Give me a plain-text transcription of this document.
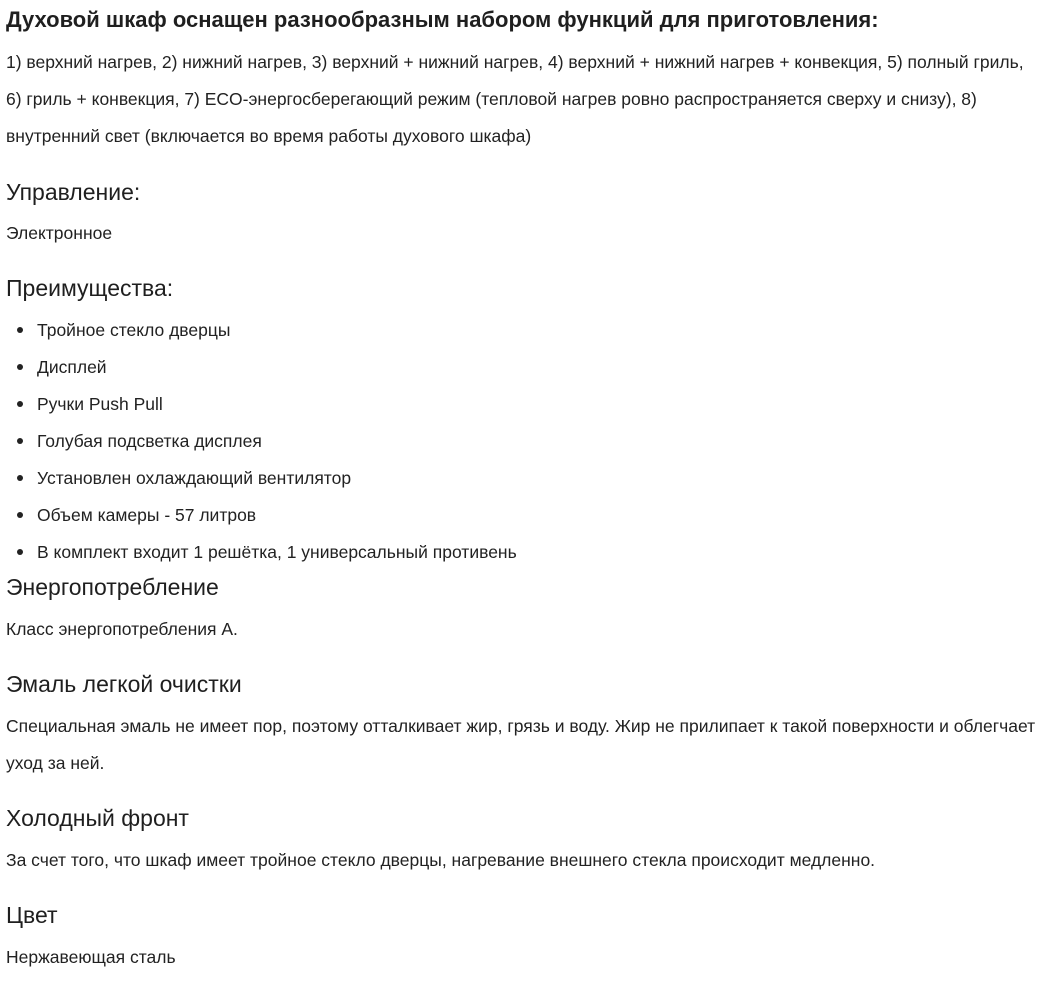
Духовой шкаф оснащен разнообразным набором функций для приготовления:

1) верхний нагрев, 2) нижний нагрев, 3) верхний + нижний нагрев, 4) верхний + нижний нагрев + конвекция, 5) полный гриль, 6) гриль + конвекция, 7) ECO-энергосберегающий режим (тепловой нагрев ровно распространяется сверху и снизу), 8) внутренний свет (включается во время работы духового шкафа)

Управление:

Электронное

Преимущества:
Тройное стекло дверцы
Дисплей
Ручки Push Pull
Голубая подсветка дисплея
Установлен охлаждающий вентилятор
Объем камеры - 57 литров
В комплект входит 1 решётка, 1 универсальный противень
Энергопотребление

Класс энергопотребления А.

Эмаль легкой очистки

Специальная эмаль не имеет пор, поэтому отталкивает жир, грязь и воду. Жир не прилипает к такой поверхности и облегчает уход за ней.

Холодный фронт

За счет того, что шкаф имеет тройное стекло дверцы, нагревание внешнего стекла происходит медленно.

Цвет

Нержавеющая сталь
